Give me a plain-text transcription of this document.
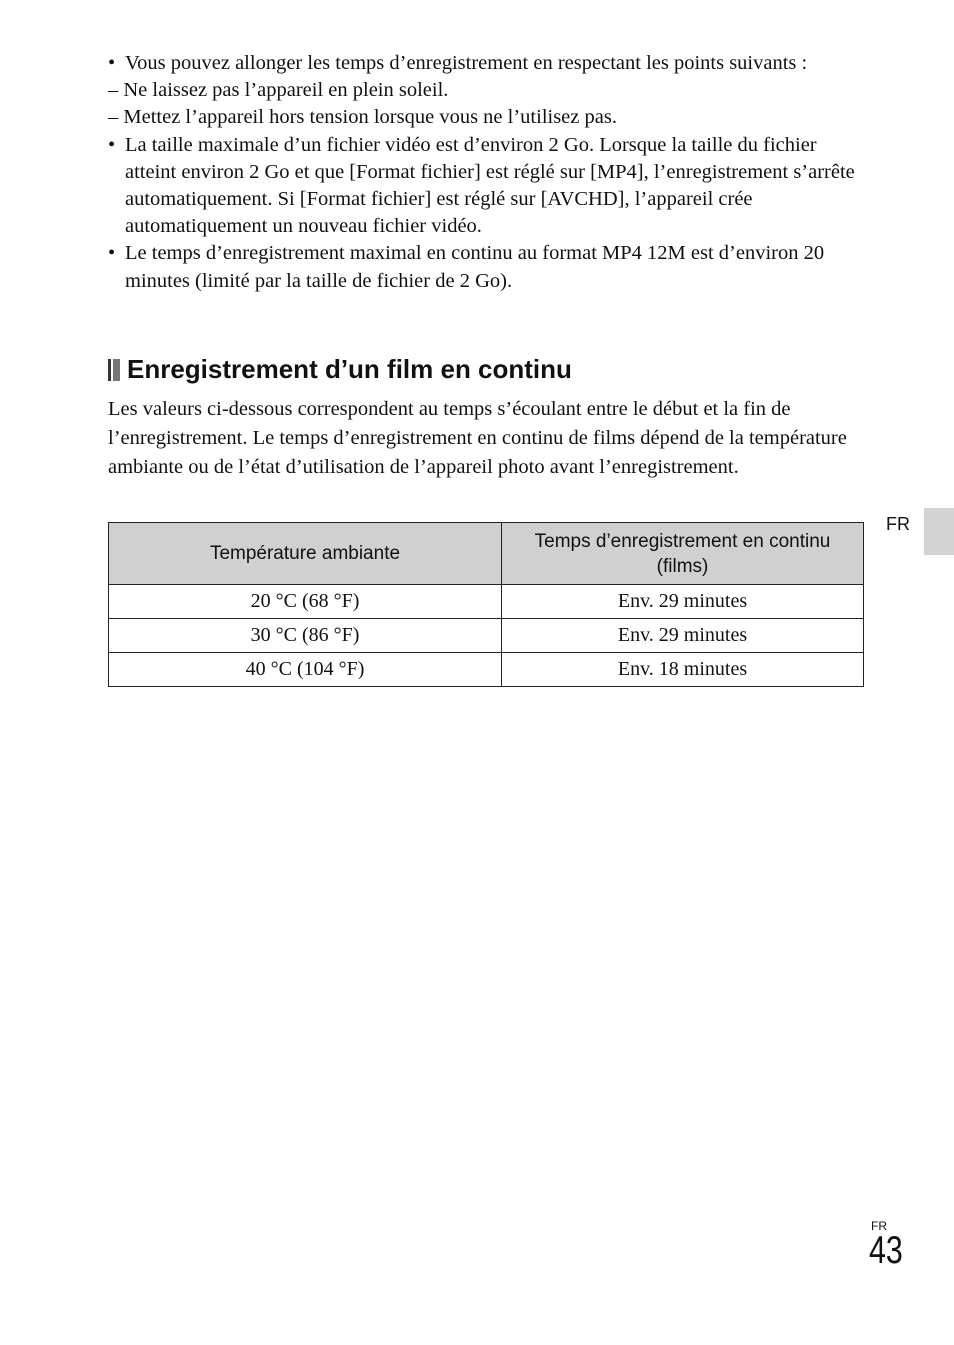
• Vous pouvez allonger les temps d’enregistrement en respectant les points suivants :
– Ne laissez pas l’appareil en plein soleil.
– Mettez l’appareil hors tension lorsque vous ne l’utilisez pas.
• La taille maximale d’un fichier vidéo est d’environ 2 Go. Lorsque la taille du fichier atteint environ 2 Go et que [Format fichier] est réglé sur [MP4], l’enregistrement s’arrête automatiquement. Si [Format fichier] est réglé sur [AVCHD], l’appareil crée automatiquement un nouveau fichier vidéo.
• Le temps d’enregistrement maximal en continu au format MP4 12M est d’environ 20 minutes (limité par la taille de fichier de 2 Go).
Enregistrement d’un film en continu
Les valeurs ci-dessous correspondent au temps s’écoulant entre le début et la fin de l’enregistrement. Le temps d’enregistrement en continu de films dépend de la température ambiante ou de l’état d’utilisation de l’appareil photo avant l’enregistrement.
Température ambiante	Temps d’enregistrement en continu (films)
20 °C (68 °F)	Env. 29 minutes
30 °C (86 °F)	Env. 29 minutes
40 °C (104 °F)	Env. 18 minutes
FR
FR
43
